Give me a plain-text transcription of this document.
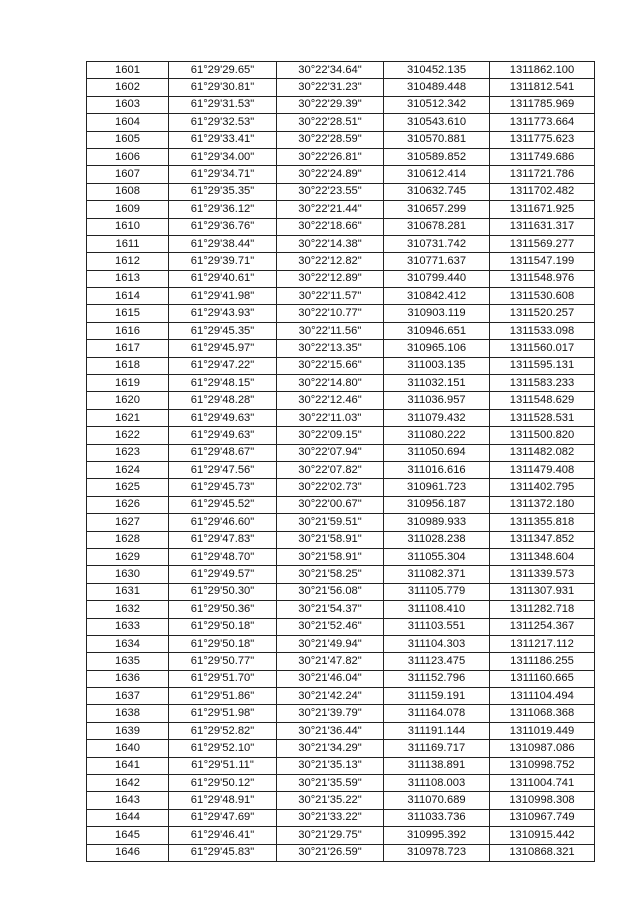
1601	61°29'29.65"	30°22'34.64"	310452.135	1311862.100
1602	61°29'30.81"	30°22'31.23"	310489.448	1311812.541
1603	61°29'31.53"	30°22'29.39"	310512.342	1311785.969
1604	61°29'32.53"	30°22'28.51"	310543.610	1311773.664
1605	61°29'33.41"	30°22'28.59"	310570.881	1311775.623
1606	61°29'34.00"	30°22'26.81"	310589.852	1311749.686
1607	61°29'34.71"	30°22'24.89"	310612.414	1311721.786
1608	61°29'35.35"	30°22'23.55"	310632.745	1311702.482
1609	61°29'36.12"	30°22'21.44"	310657.299	1311671.925
1610	61°29'36.76"	30°22'18.66"	310678.281	1311631.317
1611	61°29'38.44"	30°22'14.38"	310731.742	1311569.277
1612	61°29'39.71"	30°22'12.82"	310771.637	1311547.199
1613	61°29'40.61"	30°22'12.89"	310799.440	1311548.976
1614	61°29'41.98"	30°22'11.57"	310842.412	1311530.608
1615	61°29'43.93"	30°22'10.77"	310903.119	1311520.257
1616	61°29'45.35"	30°22'11.56"	310946.651	1311533.098
1617	61°29'45.97"	30°22'13.35"	310965.106	1311560.017
1618	61°29'47.22"	30°22'15.66"	311003.135	1311595.131
1619	61°29'48.15"	30°22'14.80"	311032.151	1311583.233
1620	61°29'48.28"	30°22'12.46"	311036.957	1311548.629
1621	61°29'49.63"	30°22'11.03"	311079.432	1311528.531
1622	61°29'49.63"	30°22'09.15"	311080.222	1311500.820
1623	61°29'48.67"	30°22'07.94"	311050.694	1311482.082
1624	61°29'47.56"	30°22'07.82"	311016.616	1311479.408
1625	61°29'45.73"	30°22'02.73"	310961.723	1311402.795
1626	61°29'45.52"	30°22'00.67"	310956.187	1311372.180
1627	61°29'46.60"	30°21'59.51"	310989.933	1311355.818
1628	61°29'47.83"	30°21'58.91"	311028.238	1311347.852
1629	61°29'48.70"	30°21'58.91"	311055.304	1311348.604
1630	61°29'49.57"	30°21'58.25"	311082.371	1311339.573
1631	61°29'50.30"	30°21'56.08"	311105.779	1311307.931
1632	61°29'50.36"	30°21'54.37"	311108.410	1311282.718
1633	61°29'50.18"	30°21'52.46"	311103.551	1311254.367
1634	61°29'50.18"	30°21'49.94"	311104.303	1311217.112
1635	61°29'50.77"	30°21'47.82"	311123.475	1311186.255
1636	61°29'51.70"	30°21'46.04"	311152.796	1311160.665
1637	61°29'51.86"	30°21'42.24"	311159.191	1311104.494
1638	61°29'51.98"	30°21'39.79"	311164.078	1311068.368
1639	61°29'52.82"	30°21'36.44"	311191.144	1311019.449
1640	61°29'52.10"	30°21'34.29"	311169.717	1310987.086
1641	61°29'51.11"	30°21'35.13"	311138.891	1310998.752
1642	61°29'50.12"	30°21'35.59"	311108.003	1311004.741
1643	61°29'48.91"	30°21'35.22"	311070.689	1310998.308
1644	61°29'47.69"	30°21'33.22"	311033.736	1310967.749
1645	61°29'46.41"	30°21'29.75"	310995.392	1310915.442
1646	61°29'45.83"	30°21'26.59"	310978.723	1310868.321
